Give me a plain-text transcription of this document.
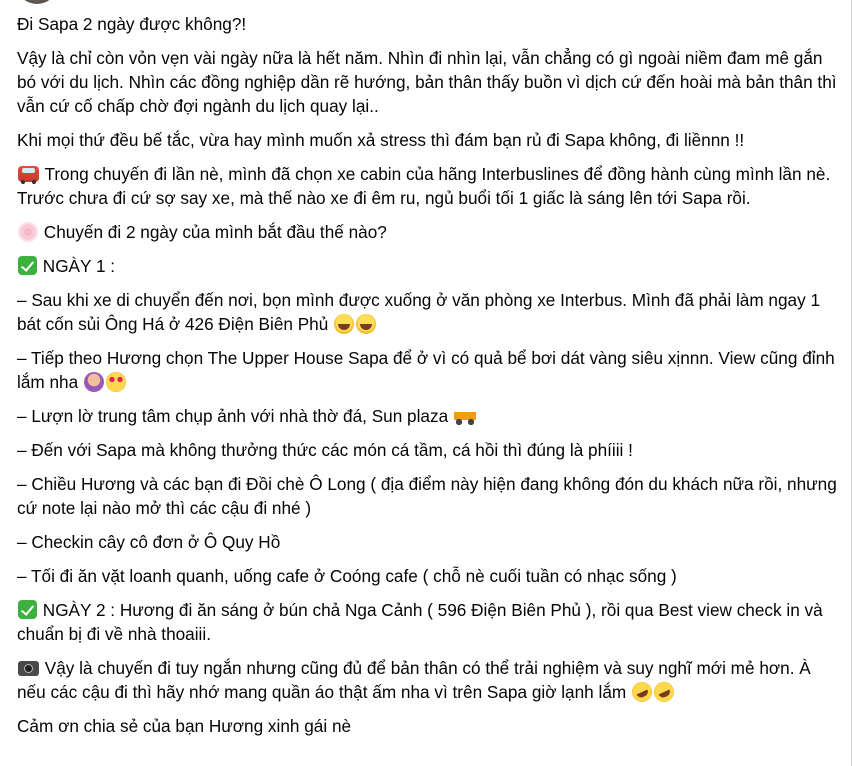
Đi Sapa 2 ngày được không?!

Vậy là chỉ còn vỏn vẹn vài ngày nữa là hết năm. Nhìn đi nhìn lại, vẫn chẳng có gì ngoài niềm đam mê gắn bó với du lịch. Nhìn các đồng nghiệp dần rẽ hướng, bản thân thấy buồn vì dịch cứ đến hoài mà bản thân thì vẫn cứ cố chấp chờ đợi ngành du lịch quay lại..

Khi mọi thứ đều bế tắc, vừa hay mình muốn xả stress thì đám bạn rủ đi Sapa không, đi liềnnn !!

Trong chuyến đi lần nè, mình đã chọn xe cabin của hãng Interbuslines để đồng hành cùng mình lần nè. Trước chưa đi cứ sợ say xe, mà thế nào xe đi êm ru, ngủ buổi tối 1 giấc là sáng lên tới Sapa rồi.

Chuyến đi 2 ngày của mình bắt đầu thế nào?

NGÀY 1 :

– Sau khi xe di chuyển đến nơi, bọn mình được xuống ở văn phòng xe Interbus. Mình đã phải làm ngay 1 bát cốn sủi Ông Há ở 426 Điện Biên Phủ

– Tiếp theo Hương chọn The Upper House Sapa để ở vì có quả bể bơi dát vàng siêu xịnnn. View cũng đỉnh lắm nha

– Lượn lờ trung tâm chụp ảnh với nhà thờ đá, Sun plaza

– Đến với Sapa mà không thưởng thức các món cá tầm, cá hồi thì đúng là phíiii !

– Chiều Hương và các bạn đi Đồi chè Ô Long ( địa điểm này hiện đang không đón du khách nữa rồi, nhưng cứ note lại nào mở thì các cậu đi nhé )

– Checkin cây cô đơn ở Ô Quy Hồ

– Tối đi ăn vặt loanh quanh, uống cafe ở Coóng cafe ( chỗ nè cuối tuần có nhạc sống )

NGÀY 2 : Hương đi ăn sáng ở bún chả Nga Cảnh ( 596 Điện Biên Phủ ), rồi qua Best view check in và chuẩn bị đi về nhà thoaiii.

Vậy là chuyến đi tuy ngắn nhưng cũng đủ để bản thân có thể trải nghiệm và suy nghĩ mới mẻ hơn. À nếu các cậu đi thì hãy nhớ mang quần áo thật ấm nha vì trên Sapa giờ lạnh lắm

Cảm ơn chia sẻ của bạn Hương xinh gái nè
